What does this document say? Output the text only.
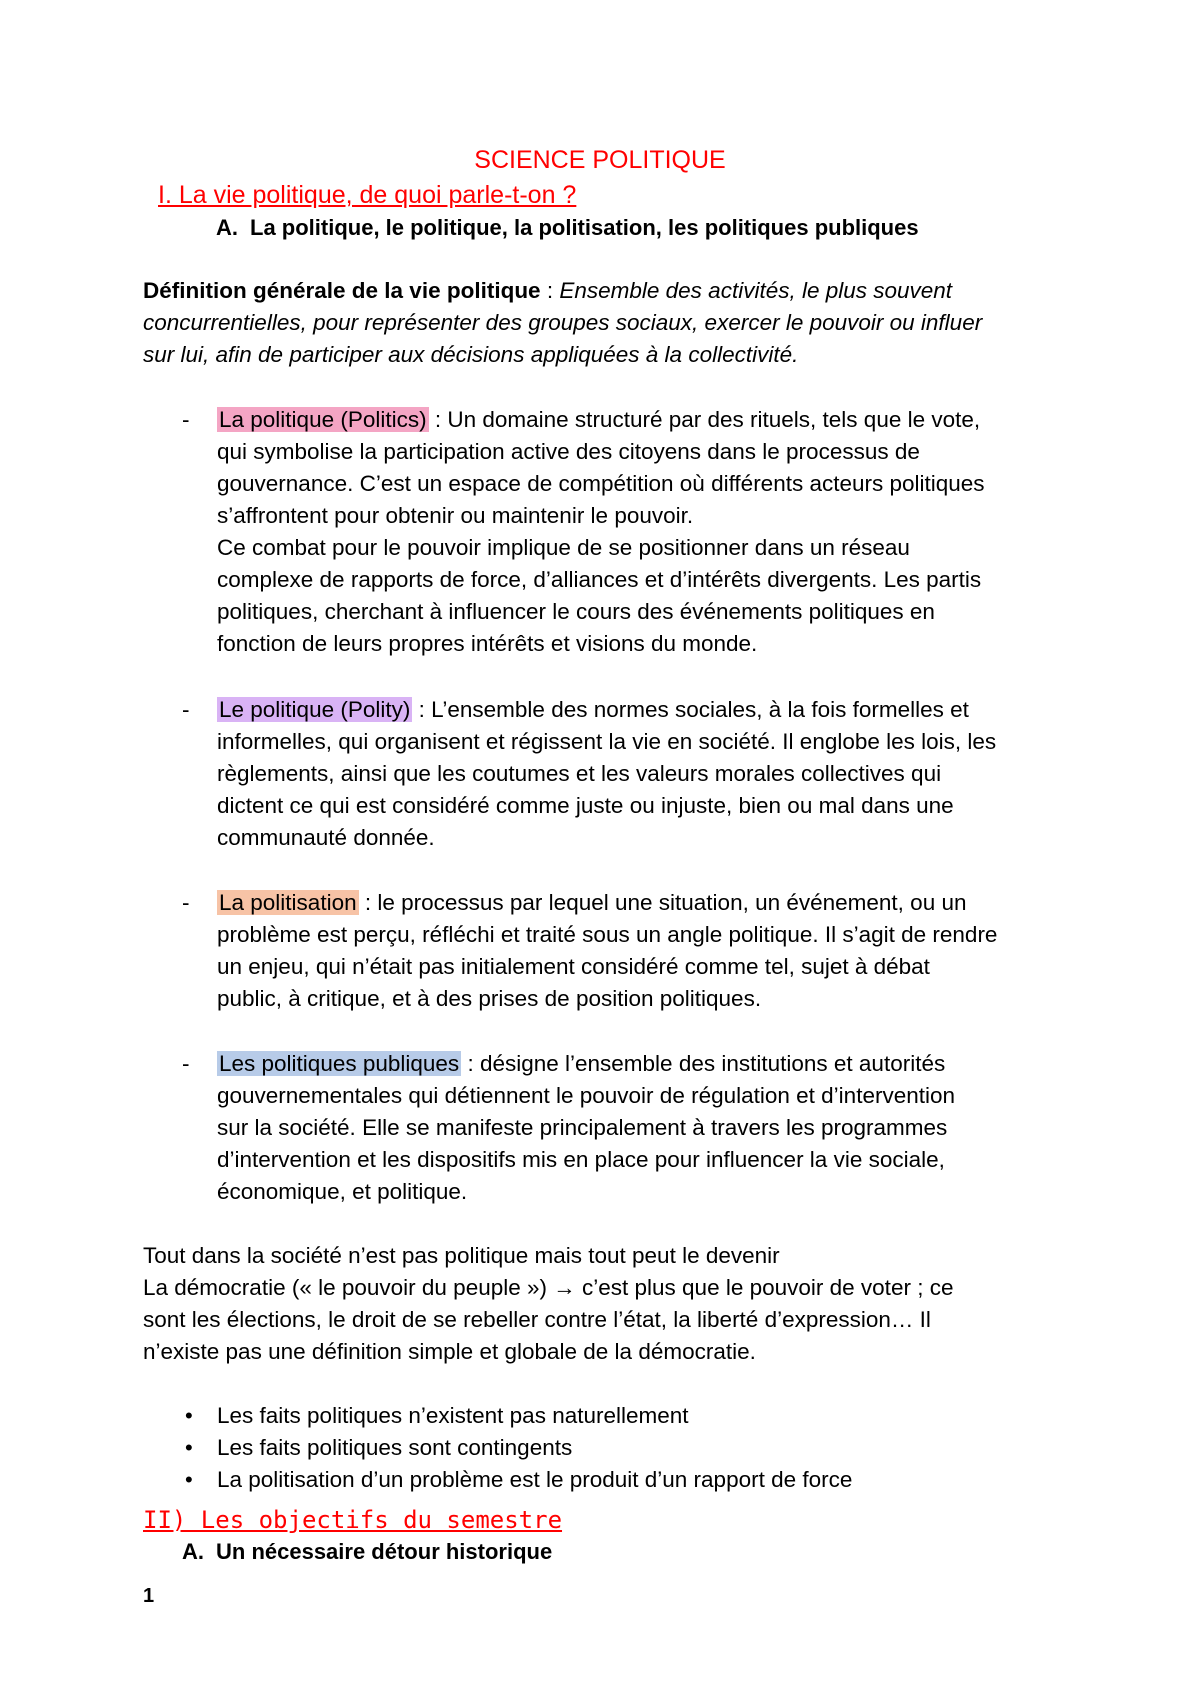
SCIENCE POLITIQUE
I. La vie politique, de quoi parle-t-on ?
A. La politique, le politique, la politisation, les politiques publiques
Définition générale de la vie politique : Ensemble des activités, le plus souvent
concurrentielles, pour représenter des groupes sociaux, exercer le pouvoir ou influer
sur lui, afin de participer aux décisions appliquées à la collectivité.
- La politique (Politics) : Un domaine structuré par des rituels, tels que le vote,
qui symbolise la participation active des citoyens dans le processus de
gouvernance. C’est un espace de compétition où différents acteurs politiques
s’affrontent pour obtenir ou maintenir le pouvoir.
Ce combat pour le pouvoir implique de se positionner dans un réseau
complexe de rapports de force, d’alliances et d’intérêts divergents. Les partis
politiques, cherchant à influencer le cours des événements politiques en
fonction de leurs propres intérêts et visions du monde.
- Le politique (Polity) : L’ensemble des normes sociales, à la fois formelles et
informelles, qui organisent et régissent la vie en société. Il englobe les lois, les
règlements, ainsi que les coutumes et les valeurs morales collectives qui
dictent ce qui est considéré comme juste ou injuste, bien ou mal dans une
communauté donnée.
- La politisation : le processus par lequel une situation, un événement, ou un
problème est perçu, réfléchi et traité sous un angle politique. Il s’agit de rendre
un enjeu, qui n’était pas initialement considéré comme tel, sujet à débat
public, à critique, et à des prises de position politiques.
- Les politiques publiques : désigne l’ensemble des institutions et autorités
gouvernementales qui détiennent le pouvoir de régulation et d’intervention
sur la société. Elle se manifeste principalement à travers les programmes
d’intervention et les dispositifs mis en place pour influencer la vie sociale,
économique, et politique.
Tout dans la société n’est pas politique mais tout peut le devenir
La démocratie (« le pouvoir du peuple ») → c’est plus que le pouvoir de voter ; ce
sont les élections, le droit de se rebeller contre l’état, la liberté d’expression… Il
n’existe pas une définition simple et globale de la démocratie.
• Les faits politiques n’existent pas naturellement
• Les faits politiques sont contingents
• La politisation d’un problème est le produit d’un rapport de force
II) Les objectifs du semestre
A. Un nécessaire détour historique
1
